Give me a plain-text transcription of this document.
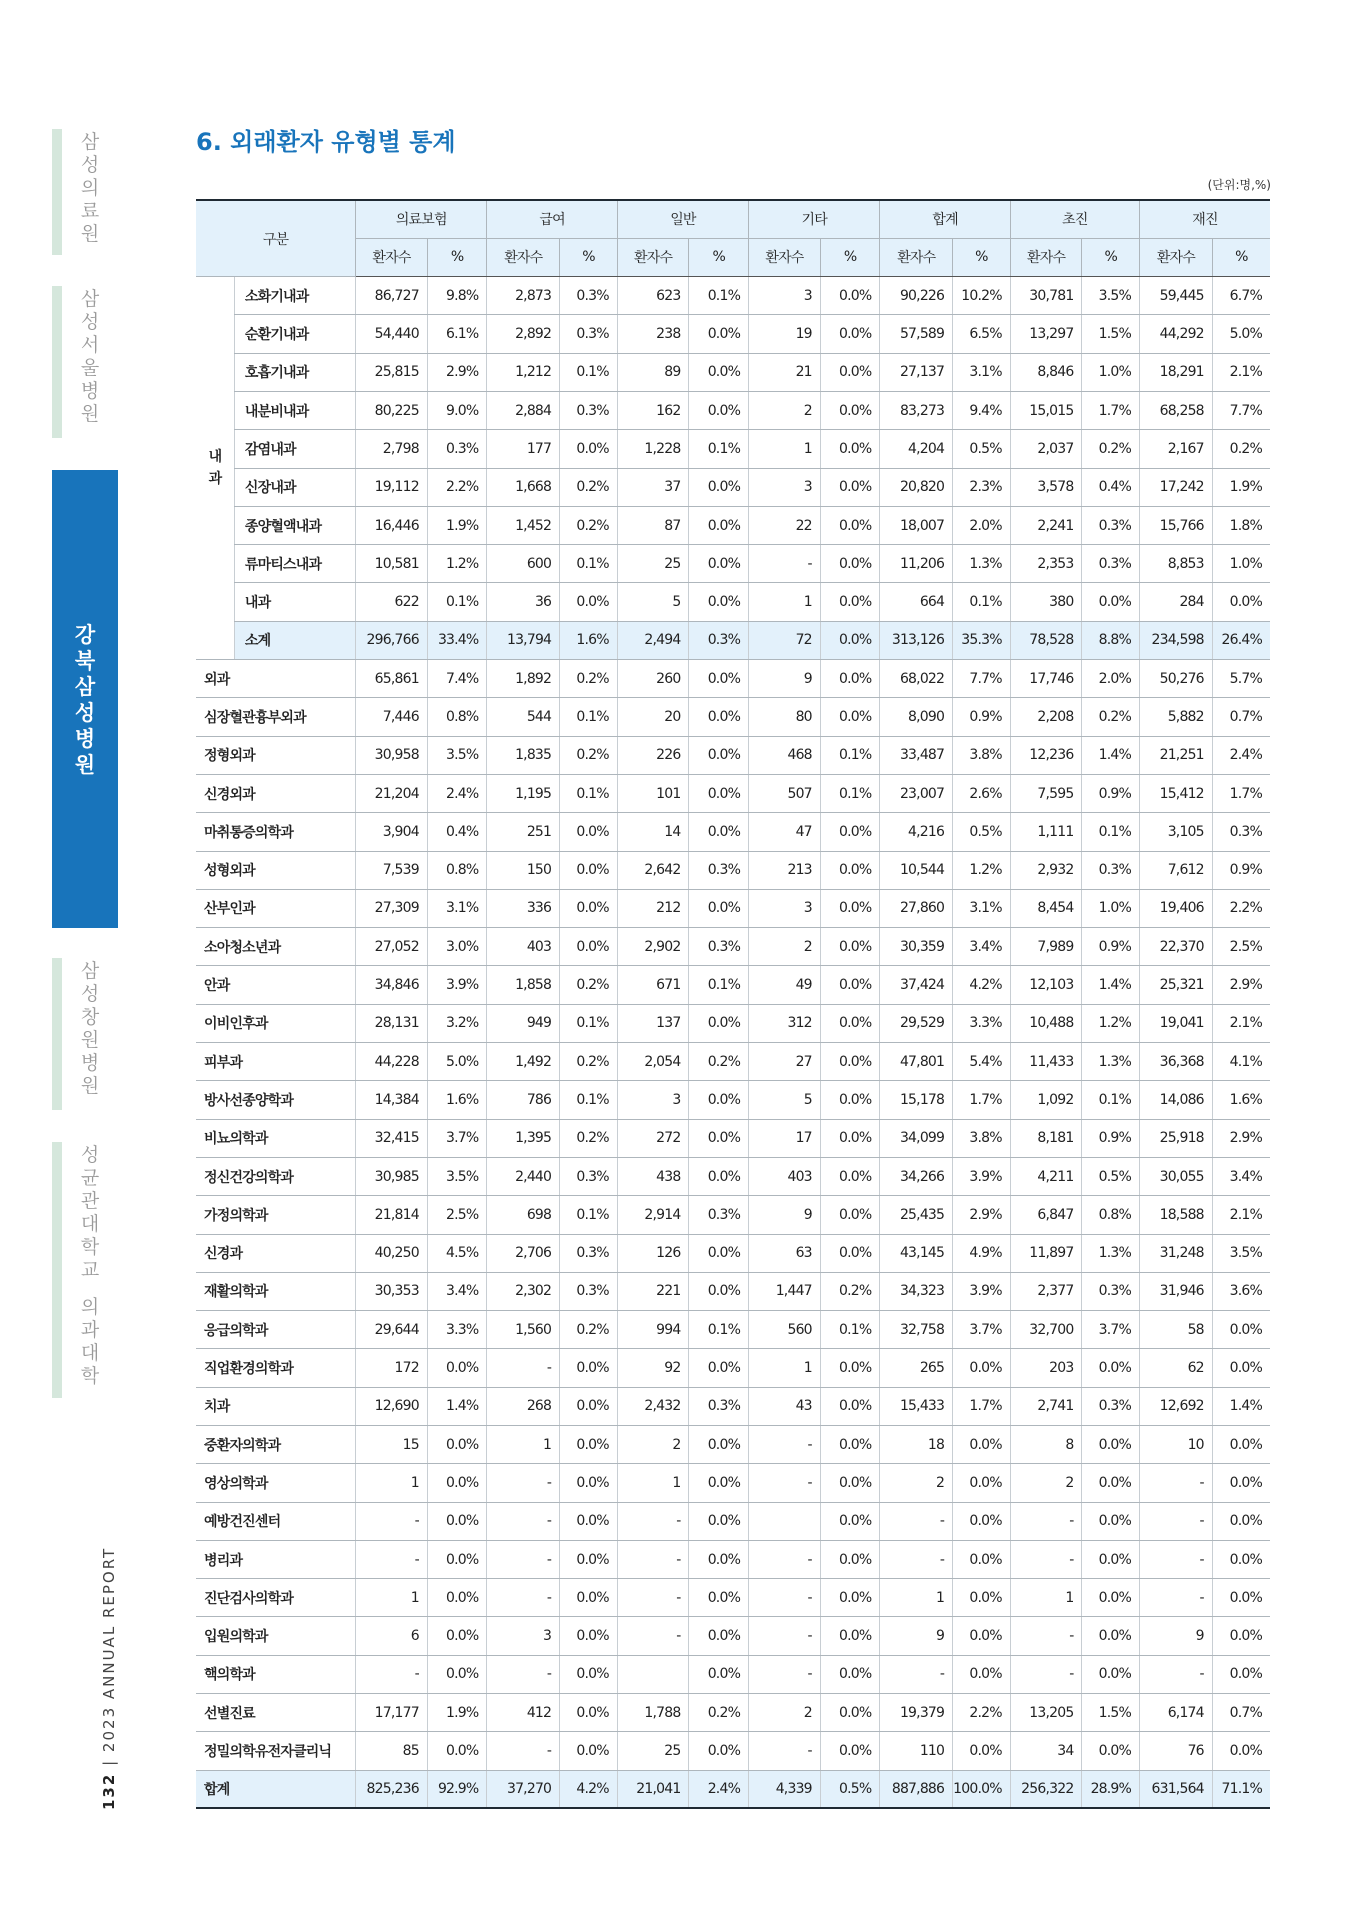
삼
성
의
료
원
삼
성
서
울
병
원
강
북
삼
성
병
원
삼
성
창
원
병
원
성
균
관
대
학
교

의
과
대
학
132 | 2023 ANNUAL REPORT
6. 외래환자 유형별 통계
(단위:명,%)
구분		의료보험		급여		일반		기타		합계		초진		재진	
		환자수	%	환자수	%	환자수	%	환자수	%	환자수	%	환자수	%	환자수	%

내
과	소화기내과	86,727	9.8%	2,873	0.3%	623	0.1%	3	0.0%	90,226	10.2%	30,781	3.5%	59,445	6.7%
	순환기내과	54,440	6.1%	2,892	0.3%	238	0.0%	19	0.0%	57,589	6.5%	13,297	1.5%	44,292	5.0%
	호흡기내과	25,815	2.9%	1,212	0.1%	89	0.0%	21	0.0%	27,137	3.1%	8,846	1.0%	18,291	2.1%
	내분비내과	80,225	9.0%	2,884	0.3%	162	0.0%	2	0.0%	83,273	9.4%	15,015	1.7%	68,258	7.7%
	감염내과	2,798	0.3%	177	0.0%	1,228	0.1%	1	0.0%	4,204	0.5%	2,037	0.2%	2,167	0.2%
	신장내과	19,112	2.2%	1,668	0.2%	37	0.0%	3	0.0%	20,820	2.3%	3,578	0.4%	17,242	1.9%
	종양혈액내과	16,446	1.9%	1,452	0.2%	87	0.0%	22	0.0%	18,007	2.0%	2,241	0.3%	15,766	1.8%
	류마티스내과	10,581	1.2%	600	0.1%	25	0.0%	-	0.0%	11,206	1.3%	2,353	0.3%	8,853	1.0%
	내과	622	0.1%	36	0.0%	5	0.0%	1	0.0%	664	0.1%	380	0.0%	284	0.0%
	소계	296,766	33.4%	13,794	1.6%	2,494	0.3%	72	0.0%	313,126	35.3%	78,528	8.8%	234,598	26.4%
외과		65,861	7.4%	1,892	0.2%	260	0.0%	9	0.0%	68,022	7.7%	17,746	2.0%	50,276	5.7%
심장혈관흉부외과		7,446	0.8%	544	0.1%	20	0.0%	80	0.0%	8,090	0.9%	2,208	0.2%	5,882	0.7%
정형외과		30,958	3.5%	1,835	0.2%	226	0.0%	468	0.1%	33,487	3.8%	12,236	1.4%	21,251	2.4%
신경외과		21,204	2.4%	1,195	0.1%	101	0.0%	507	0.1%	23,007	2.6%	7,595	0.9%	15,412	1.7%
마취통증의학과		3,904	0.4%	251	0.0%	14	0.0%	47	0.0%	4,216	0.5%	1,111	0.1%	3,105	0.3%
성형외과		7,539	0.8%	150	0.0%	2,642	0.3%	213	0.0%	10,544	1.2%	2,932	0.3%	7,612	0.9%
산부인과		27,309	3.1%	336	0.0%	212	0.0%	3	0.0%	27,860	3.1%	8,454	1.0%	19,406	2.2%
소아청소년과		27,052	3.0%	403	0.0%	2,902	0.3%	2	0.0%	30,359	3.4%	7,989	0.9%	22,370	2.5%
안과		34,846	3.9%	1,858	0.2%	671	0.1%	49	0.0%	37,424	4.2%	12,103	1.4%	25,321	2.9%
이비인후과		28,131	3.2%	949	0.1%	137	0.0%	312	0.0%	29,529	3.3%	10,488	1.2%	19,041	2.1%
피부과		44,228	5.0%	1,492	0.2%	2,054	0.2%	27	0.0%	47,801	5.4%	11,433	1.3%	36,368	4.1%
방사선종양학과		14,384	1.6%	786	0.1%	3	0.0%	5	0.0%	15,178	1.7%	1,092	0.1%	14,086	1.6%
비뇨의학과		32,415	3.7%	1,395	0.2%	272	0.0%	17	0.0%	34,099	3.8%	8,181	0.9%	25,918	2.9%
정신건강의학과		30,985	3.5%	2,440	0.3%	438	0.0%	403	0.0%	34,266	3.9%	4,211	0.5%	30,055	3.4%
가정의학과		21,814	2.5%	698	0.1%	2,914	0.3%	9	0.0%	25,435	2.9%	6,847	0.8%	18,588	2.1%
신경과		40,250	4.5%	2,706	0.3%	126	0.0%	63	0.0%	43,145	4.9%	11,897	1.3%	31,248	3.5%
재활의학과		30,353	3.4%	2,302	0.3%	221	0.0%	1,447	0.2%	34,323	3.9%	2,377	0.3%	31,946	3.6%
응급의학과		29,644	3.3%	1,560	0.2%	994	0.1%	560	0.1%	32,758	3.7%	32,700	3.7%	58	0.0%
직업환경의학과		172	0.0%	-	0.0%	92	0.0%	1	0.0%	265	0.0%	203	0.0%	62	0.0%
치과		12,690	1.4%	268	0.0%	2,432	0.3%	43	0.0%	15,433	1.7%	2,741	0.3%	12,692	1.4%
중환자의학과		15	0.0%	1	0.0%	2	0.0%	-	0.0%	18	0.0%	8	0.0%	10	0.0%
영상의학과		1	0.0%	-	0.0%	1	0.0%	-	0.0%	2	0.0%	2	0.0%	-	0.0%
예방건진센터		-	0.0%	-	0.0%	-	0.0%		0.0%	-	0.0%	-	0.0%	-	0.0%
병리과		-	0.0%	-	0.0%	-	0.0%	-	0.0%	-	0.0%	-	0.0%	-	0.0%
진단검사의학과		1	0.0%	-	0.0%	-	0.0%	-	0.0%	1	0.0%	1	0.0%	-	0.0%
입원의학과		6	0.0%	3	0.0%	-	0.0%	-	0.0%	9	0.0%	-	0.0%	9	0.0%
핵의학과		-	0.0%	-	0.0%		0.0%	-	0.0%	-	0.0%	-	0.0%	-	0.0%
선별진료		17,177	1.9%	412	0.0%	1,788	0.2%	2	0.0%	19,379	2.2%	13,205	1.5%	6,174	0.7%
정밀의학유전자클리닉		85	0.0%	-	0.0%	25	0.0%	-	0.0%	110	0.0%	34	0.0%	76	0.0%
합계		825,236	92.9%	37,270	4.2%	21,041	2.4%	4,339	0.5%	887,886	100.0%	256,322	28.9%	631,564	71.1%
